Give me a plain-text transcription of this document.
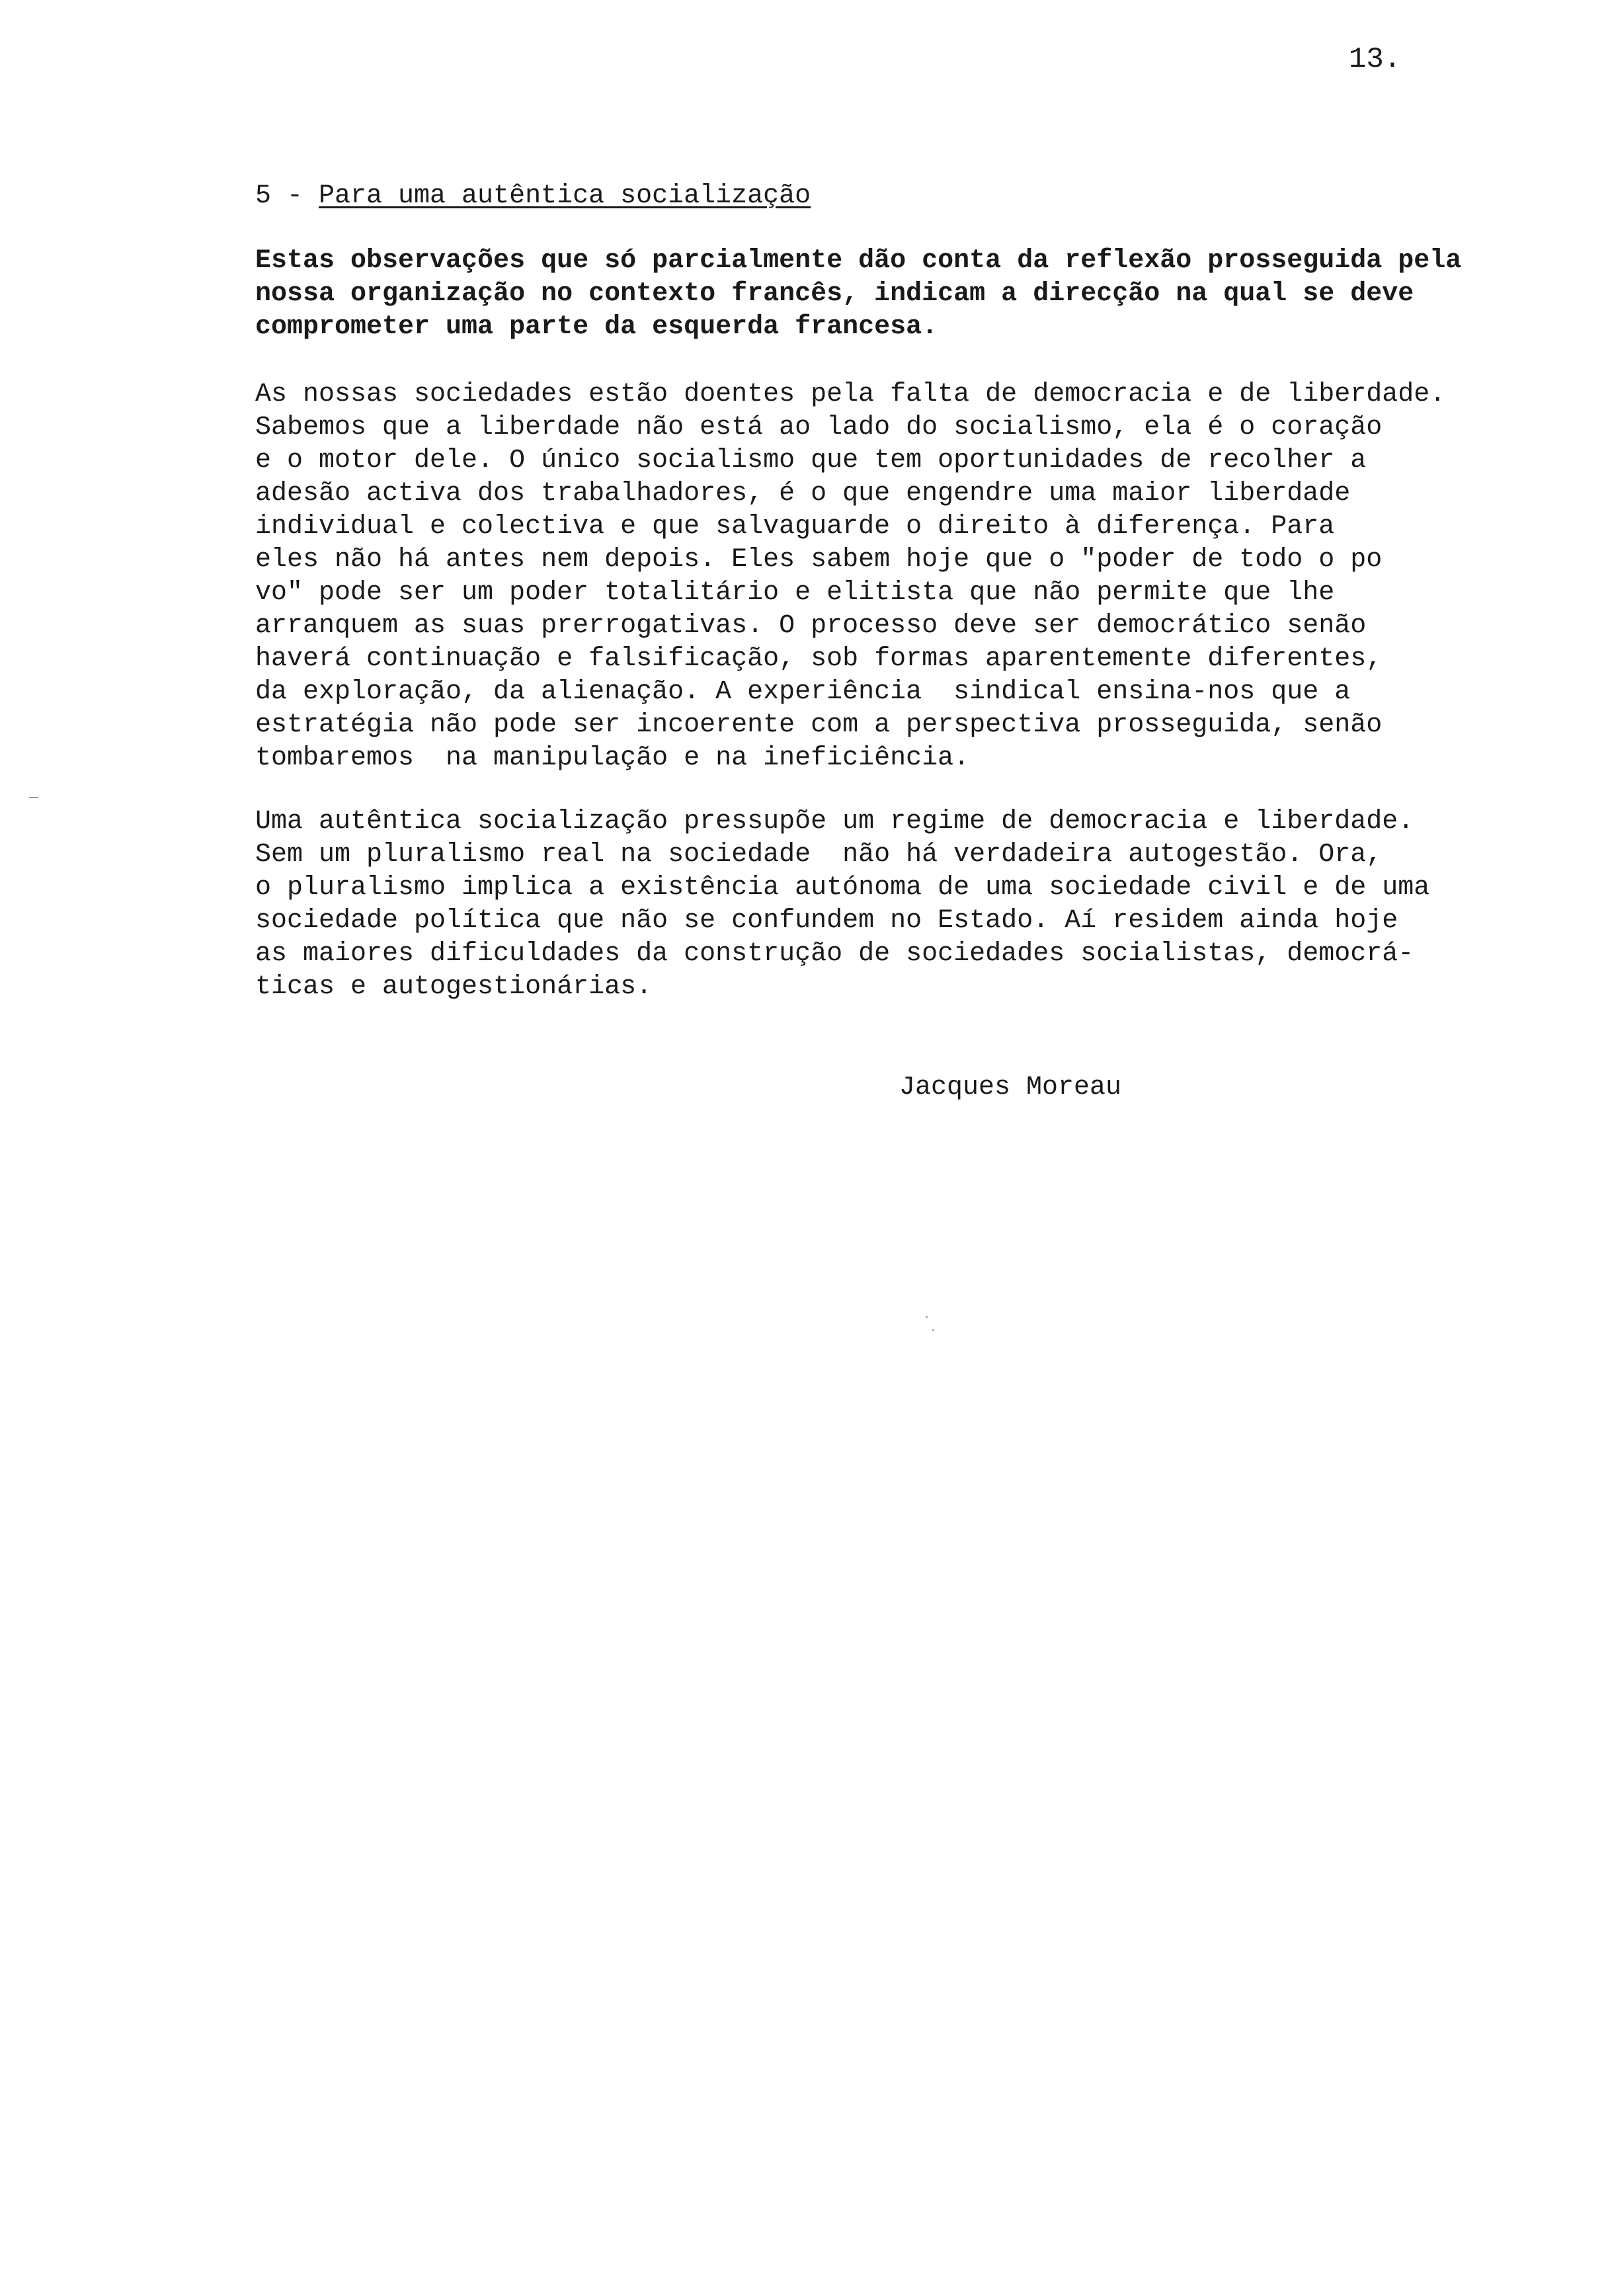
13.
5 - Para uma autêntica socialização
Estas observações que só parcialmente dão conta da reflexão prosseguida pela
nossa organização no contexto francês, indicam a direcção na qual se deve
comprometer uma parte da esquerda francesa.
As nossas sociedades estão doentes pela falta de democracia e de liberdade.
Sabemos que a liberdade não está ao lado do socialismo, ela é o coração
e o motor dele. O único socialismo que tem oportunidades de recolher a
adesão activa dos trabalhadores, é o que engendre uma maior liberdade
individual e colectiva e que salvaguarde o direito à diferença. Para
eles não há antes nem depois. Eles sabem hoje que o "poder de todo o po
vo" pode ser um poder totalitário e elitista que não permite que lhe
arranquem as suas prerrogativas. O processo deve ser democrático senão
haverá continuação e falsificação, sob formas aparentemente diferentes,
da exploração, da alienação. A experiência  sindical ensina-nos que a
estratégia não pode ser incoerente com a perspectiva prosseguida, senão
tombaremos  na manipulação e na ineficiência.
Uma autêntica socialização pressupõe um regime de democracia e liberdade.
Sem um pluralismo real na sociedade  não há verdadeira autogestão. Ora,
o pluralismo implica a existência autónoma de uma sociedade civil e de uma
sociedade política que não se confundem no Estado. Aí residem ainda hoje
as maiores dificuldades da construção de sociedades socialistas, democrá-
ticas e autogestionárias.
Jacques Moreau
